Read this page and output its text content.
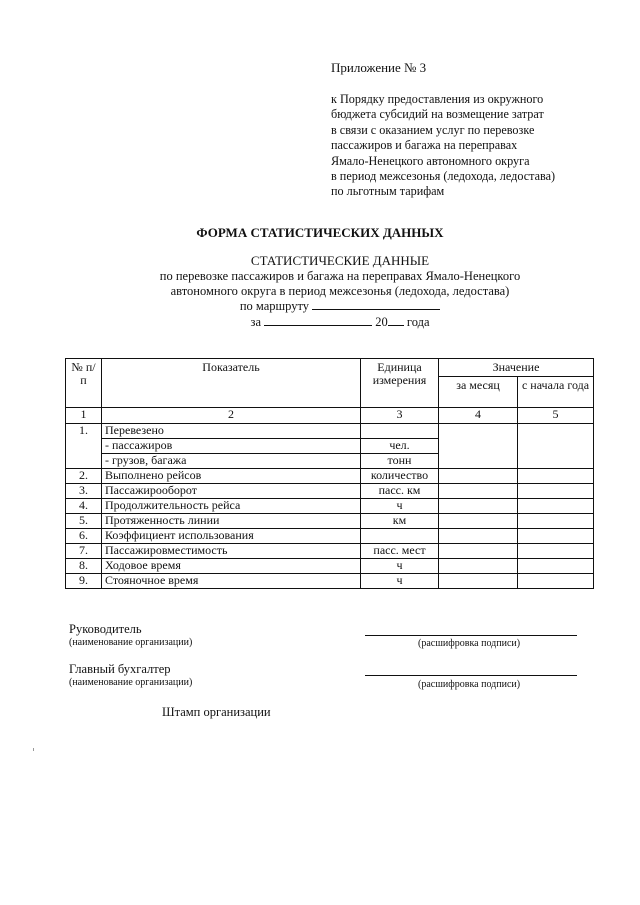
Приложение № 3
к Порядку предоставления из окружного
бюджета субсидий на возмещение затрат
в связи с оказанием услуг по перевозке
пассажиров и багажа на переправах
Ямало-Ненецкого автономного округа
в период межсезонья (ледохода, ледостава)
по льготным тарифам
ФОРМА СТАТИСТИЧЕСКИХ ДАННЫХ
СТАТИСТИЧЕСКИЕ ДАННЫЕ
по перевозке пассажиров и багажа на переправах Ямало-Ненецкого
автономного округа в период межсезонья (ледохода, ледостава)
по маршруту
за	20 года
№ п/п	Показатель	Единица измерения	Значение	
			за месяц	с начала года
1	2	3	4	5
1.	Перевезено			
	- пассажиров	чел.		
	- грузов, багажа	тонн		
2.	Выполнено рейсов	количество		
3.	Пассажирооборот	пасс. км		
4.	Продолжительность рейса	ч		
5.	Протяженность линии	км		
6.	Коэффициент использования			
7.	Пассажировместимость	пасс. мест		
8.	Ходовое время	ч		
9.	Стояночное время	ч		
Руководитель
(наименование организации)	(расшифровка подписи)
Главный бухгалтер
(наименование организации)	(расшифровка подписи)
Штамп организации
